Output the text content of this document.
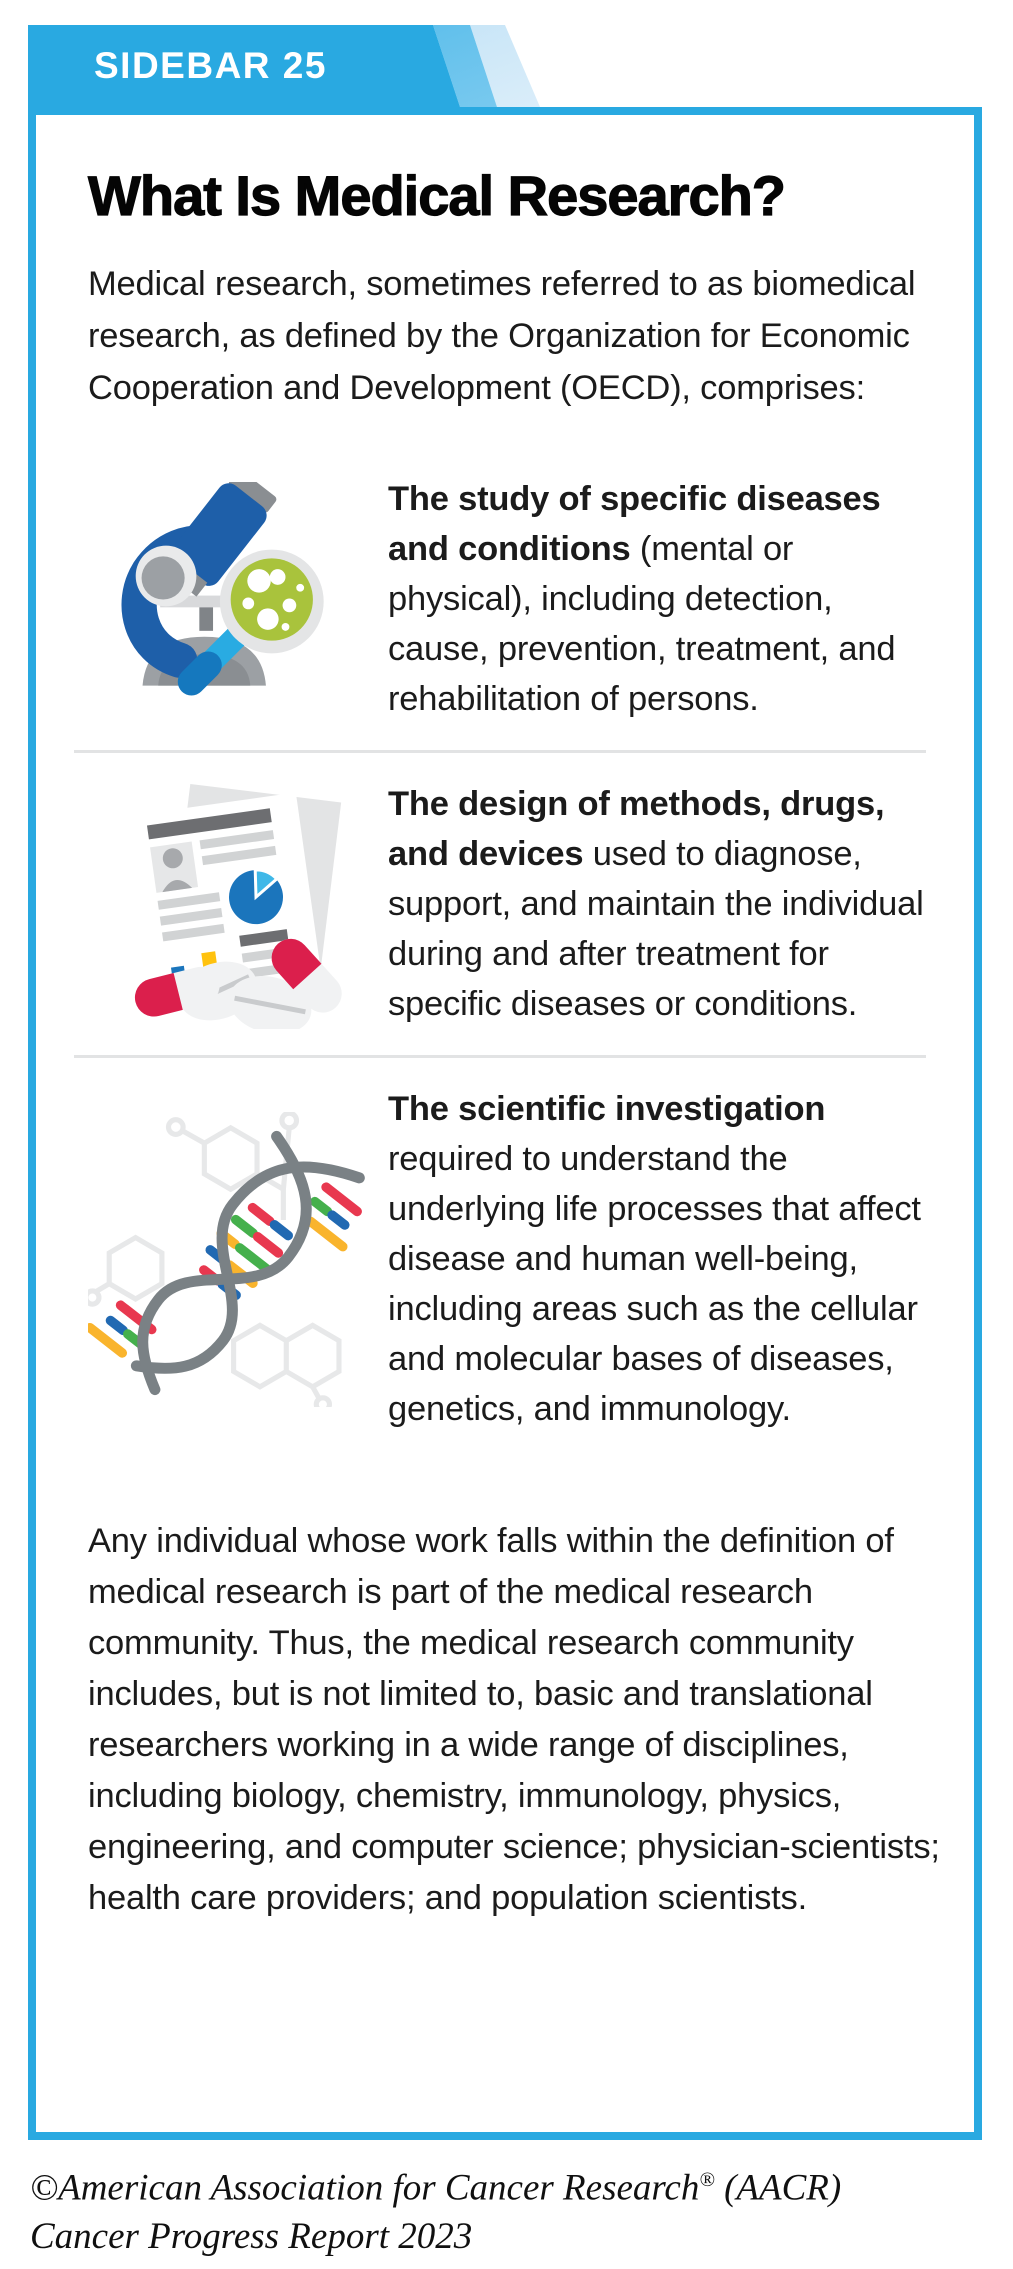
SIDEBAR 25
What Is Medical Research?

Medical research, sometimes referred to as biomedical research, as defined by the Organization for Economic Cooperation and Development (OECD), comprises:

The study of specific diseases and conditions (mental or physical), including detection, cause, prevention, treatment, and rehabilitation of persons.

The design of methods, drugs, and devices used to diagnose, support, and maintain the individual during and after treatment for specific diseases or conditions.

The scientific investigation required to understand the underlying life processes that affect disease and human well-being, including areas such as the cellular and molecular bases of diseases, genetics, and immunology.

Any individual whose work falls within the definition of medical research is part of the medical research community. Thus, the medical research community includes, but is not limited to, basic and translational researchers working in a wide range of disciplines, including biology, chemistry, immunology, physics, engineering, and computer science; physician-scientists; health care providers; and population scientists.

©American Association for Cancer Research® (AACR)
Cancer Progress Report 2023
